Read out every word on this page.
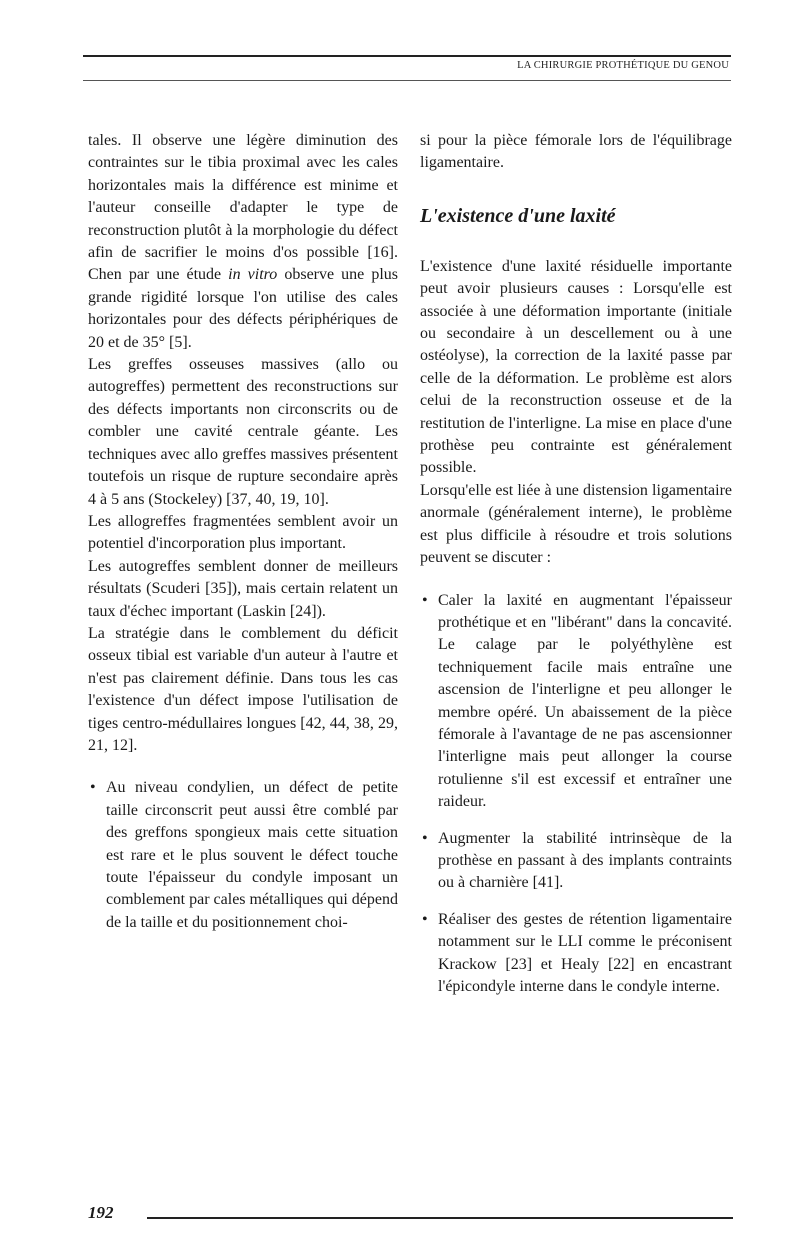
LA CHIRURGIE PROTHÉTIQUE DU GENOU

tales. Il observe une légère diminution des contraintes sur le tibia proximal avec les cales horizontales mais la différence est minime et l'auteur conseille d'adapter le type de reconstruction plutôt à la morphologie du défect afin de sacrifier le moins d'os possible [16]. Chen par une étude in vitro observe une plus grande rigidité lorsque l'on utilise des cales horizontales pour des défects périphériques de 20 et de 35° [5].

Les greffes osseuses massives (allo ou autogreffes) permettent des reconstructions sur des défects importants non circonscrits ou de combler une cavité centrale géante. Les techniques avec allo greffes massives présentent toutefois un risque de rupture secondaire après 4 à 5 ans (Stockeley) [37, 40, 19, 10].

Les allogreffes fragmentées semblent avoir un potentiel d'incorporation plus important.

Les autogreffes semblent donner de meilleurs résultats (Scuderi [35]), mais certain relatent un taux d'échec important (Laskin [24]).

La stratégie dans le comblement du déficit osseux tibial est variable d'un auteur à l'autre et n'est pas clairement définie. Dans tous les cas l'existence d'un défect impose l'utilisation de tiges centro-médullaires longues [42, 44, 38, 29, 21, 12].

• Au niveau condylien, un défect de petite taille circonscrit peut aussi être comblé par des greffons spongieux mais cette situation est rare et le plus souvent le défect touche toute l'épaisseur du condyle imposant un comblement par cales métalliques qui dépend de la taille et du positionnement choi-

si pour la pièce fémorale lors de l'équilibrage ligamentaire.

L'existence d'une laxité

L'existence d'une laxité résiduelle importante peut avoir plusieurs causes : Lorsqu'elle est associée à une déformation importante (initiale ou secondaire à un descellement ou à une ostéolyse), la correction de la laxité passe par celle de la déformation. Le problème est alors celui de la reconstruction osseuse et de la restitution de l'interligne. La mise en place d'une prothèse peu contrainte est généralement possible.

Lorsqu'elle est liée à une distension ligamentaire anormale (généralement interne), le problème est plus difficile à résoudre et trois solutions peuvent se discuter :

• Caler la laxité en augmentant l'épaisseur prothétique et en "libérant" dans la concavité. Le calage par le polyéthylène est techniquement facile mais entraîne une ascension de l'interligne et peu allonger le membre opéré. Un abaissement de la pièce fémorale à l'avantage de ne pas ascensionner l'interligne mais peut allonger la course rotulienne s'il est excessif et entraîner une raideur.
• Augmenter la stabilité intrinsèque de la prothèse en passant à des implants contraints ou à charnière [41].
• Réaliser des gestes de rétention ligamentaire notamment sur le LLI comme le préconisent Krackow [23] et Healy [22] en encastrant l'épicondyle interne dans le condyle interne.
192
